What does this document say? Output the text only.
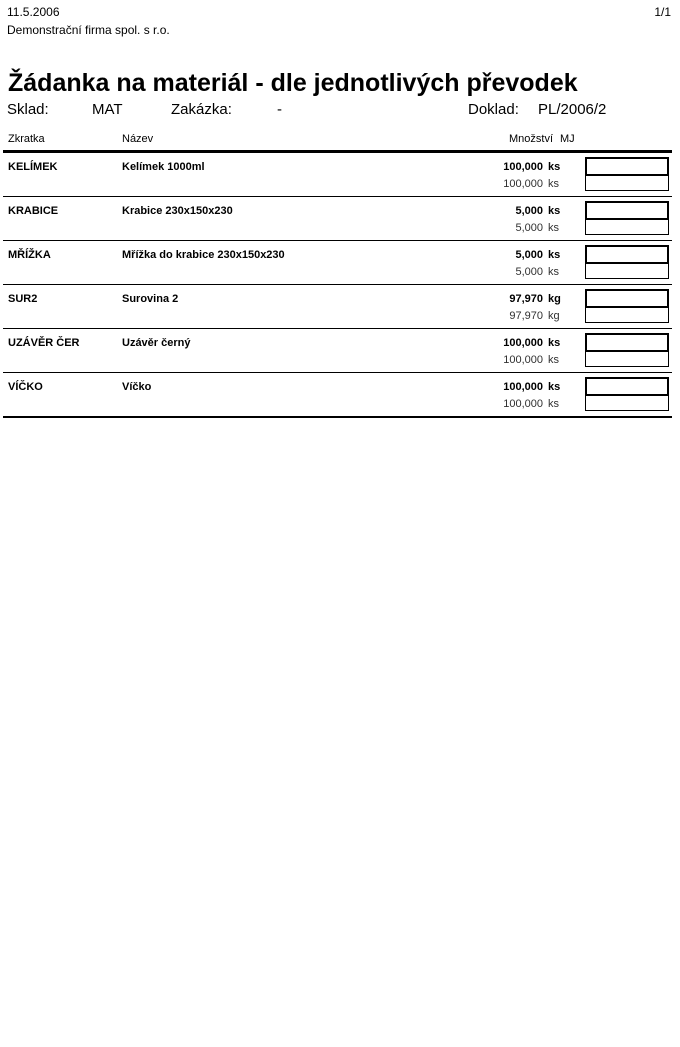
11.5.2006	1/1
Demonstrační firma spol. s r.o.
Žádanka na materiál - dle jednotlivých převodek
Sklad:	MAT	Zakázka:	-	Doklad: PL/2006/2
Zkratka	Název	Množství MJ
KELÍMEK	Kelímek 1000ml	100,000 ks
100,000 ks
KRABICE	Krabice 230x150x230	5,000 ks
5,000 ks
MŘÍŽKA	Mřížka do krabice 230x150x230	5,000 ks
5,000 ks
SUR2	Surovina 2	97,970 kg
97,970 kg
UZÁVĚR ČER	Uzávěr černý	100,000 ks
100,000 ks
VÍČKO	Víčko	100,000 ks
100,000 ks
